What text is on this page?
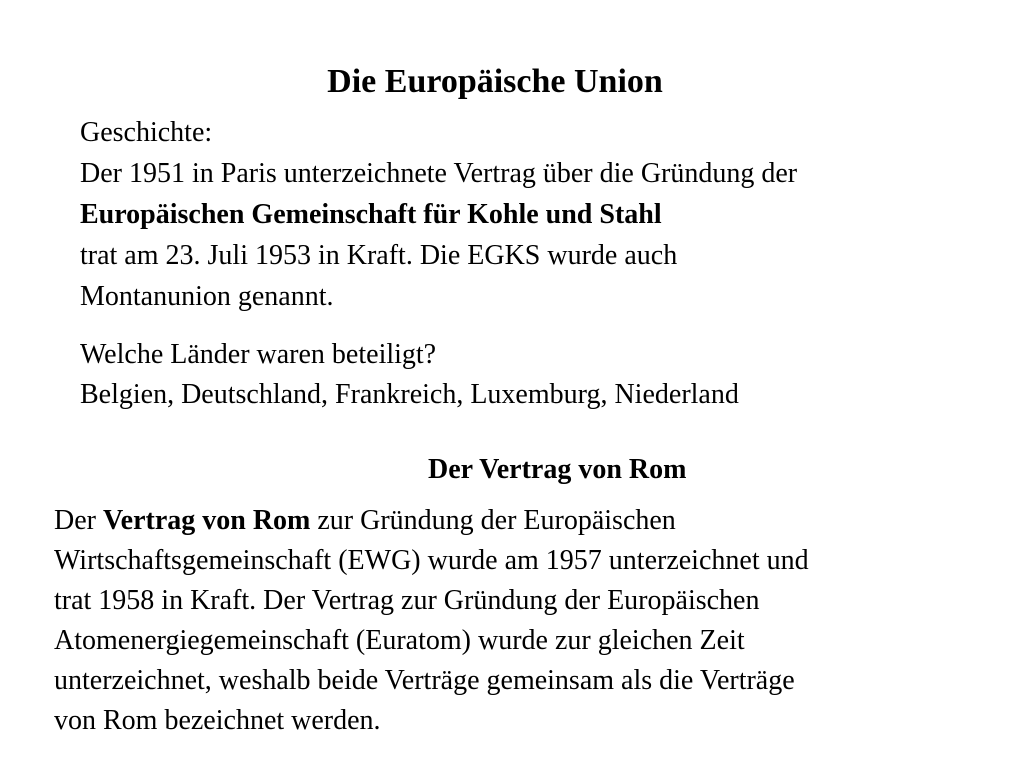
Die Europäische Union
Geschichte:
Der 1951 in Paris unterzeichnete Vertrag über die Gründung der
Europäischen Gemeinschaft für Kohle und Stahl
trat am 23. Juli 1953 in Kraft. Die EGKS wurde auch
Montanunion genannt.
Welche Länder waren beteiligt?
Belgien, Deutschland, Frankreich, Luxemburg, Niederland
Der Vertrag von Rom
Der Vertrag von Rom zur Gründung der Europäischen
Wirtschaftsgemeinschaft (EWG) wurde am 1957 unterzeichnet und
trat 1958 in Kraft. Der Vertrag zur Gründung der Europäischen
Atomenergiegemeinschaft (Euratom) wurde zur gleichen Zeit
unterzeichnet, weshalb beide Verträge gemeinsam als die Verträge
von Rom bezeichnet werden.
